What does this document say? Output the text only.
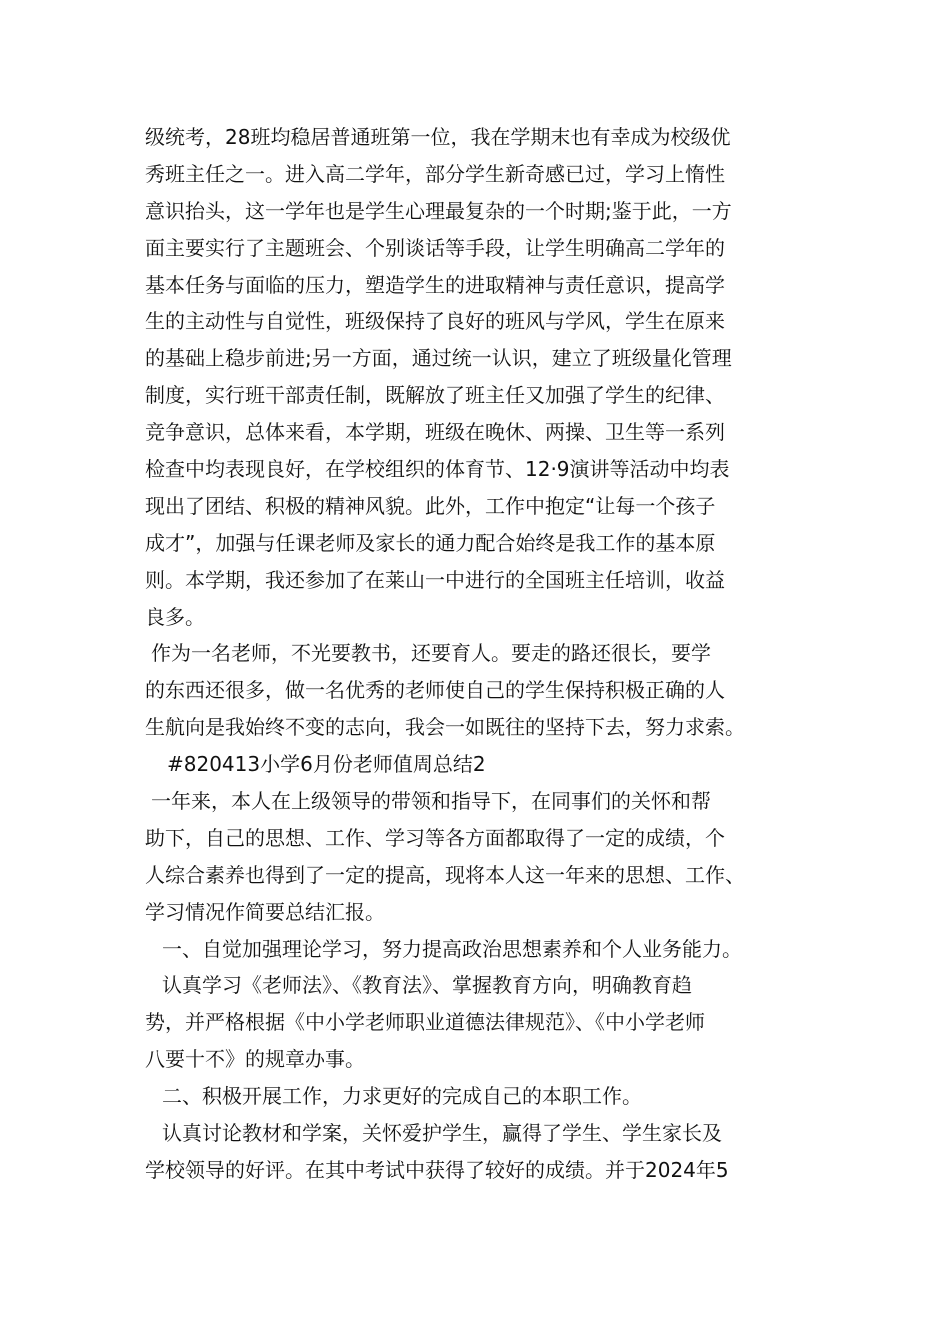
级统考，28班均稳居普通班第一位，我在学期末也有幸成为校级优
秀班主任之一。进入高二学年，部分学生新奇感已过，学习上惰性
意识抬头，这一学年也是学生心理最复杂的一个时期;鉴于此，一方
面主要实行了主题班会、个别谈话等手段，让学生明确高二学年的
基本任务与面临的压力，塑造学生的进取精神与责任意识，提高学
生的主动性与自觉性，班级保持了良好的班风与学风，学生在原来
的基础上稳步前进;另一方面，通过统一认识，建立了班级量化管理
制度，实行班干部责任制，既解放了班主任又加强了学生的纪律、
竞争意识，总体来看，本学期，班级在晚休、两操、卫生等一系列
检查中均表现良好，在学校组织的体育节、12·9演讲等活动中均表
现出了团结、积极的精神风貌。此外，工作中抱定“让每一个孩子
成才”，加强与任课老师及家长的通力配合始终是我工作的基本原
则。本学期，我还参加了在莱山一中进行的全国班主任培训，收益
良多。
作为一名老师，不光要教书，还要育人。要走的路还很长，要学
的东西还很多，做一名优秀的老师使自己的学生保持积极正确的人
生航向是我始终不变的志向，我会一如既往的坚持下去，努力求索。
#820413小学6月份老师值周总结2
一年来，本人在上级领导的带领和指导下，在同事们的关怀和帮
助下，自己的思想、工作、学习等各方面都取得了一定的成绩，个
人综合素养也得到了一定的提高，现将本人这一年来的思想、工作、
学习情况作简要总结汇报。
一、自觉加强理论学习，努力提高政治思想素养和个人业务能力。
认真学习《老师法》、《教育法》、掌握教育方向，明确教育趋
势，并严格根据《中小学老师职业道德法律规范》、《中小学老师
八要十不》的规章办事。
二、积极开展工作，力求更好的完成自己的本职工作。
认真讨论教材和学案，关怀爱护学生，赢得了学生、学生家长及
学校领导的好评。在其中考试中获得了较好的成绩。并于2024年5
